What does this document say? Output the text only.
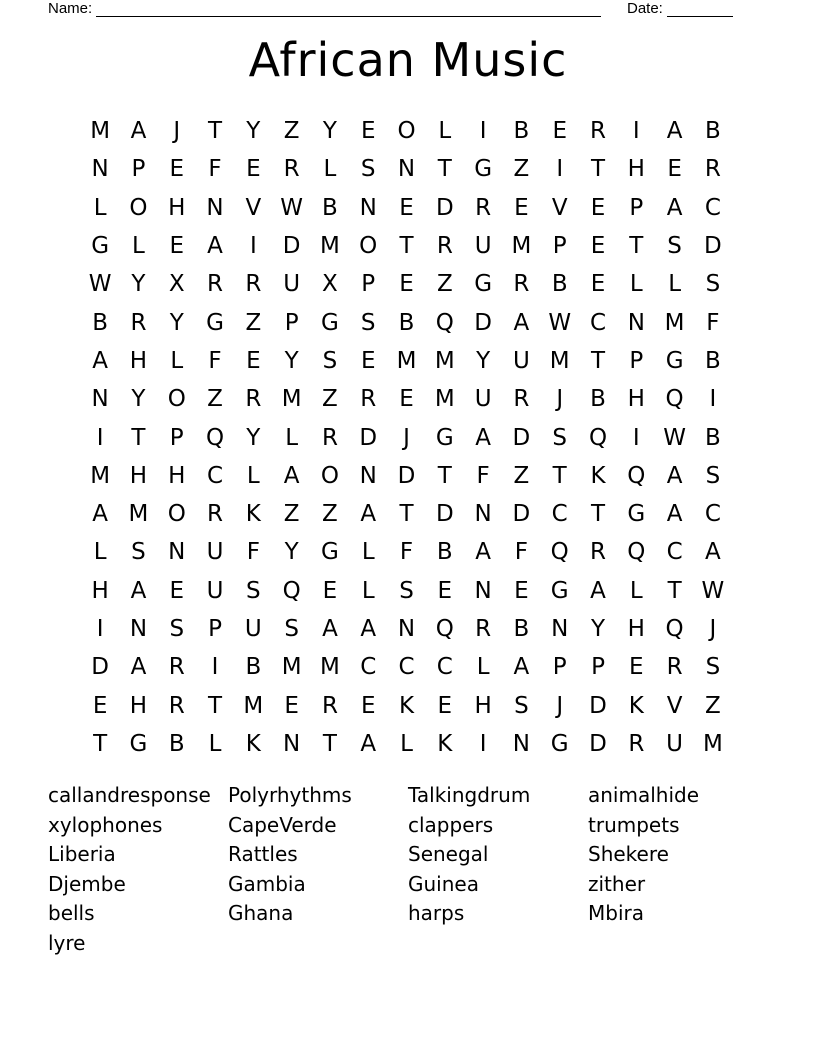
Name:	Date:
African Music
M A	J	T	Y	Z	Y	E O L	I	B	E	R	I	A B
N P	E	F	E	R	L	S N T G Z	I	T H E	R
L O H N V W B N E D R	E	V	E	P	A C
G L	E	A	I	D M O T	R U M P	E	T	S D
W Y	X R R U X	P	E	Z G R B	E	L	L	S
B R	Y G Z	P G S	B Q D A W C N M F
A H	L	F	E	Y	S	E M M Y U M T	P G B
N Y O Z R M Z R	E M U R	J	B H Q	I
I	T	P Q Y	L	R D	J	G A D S Q	I	W B
M H H C	L	A O N D T	F	Z	T	K Q A	S
A M O R K Z Z A	T D N D C	T G A C
L	S N U	F	Y G L	F	B A	F Q R Q C A
H A	E U S Q E	L	S	E N E G A	L	T W
I	N S	P U S	A A N Q R B N Y H Q	J
D A R	I	B M M C C C	L	A	P	P	E	R	S
E H R	T M E	R	E	K	E H S	J	D K V Z
T G B	L	K N T	A	L	K	I	N G D R U M
callandresponse Polyrhythms	Talkingdrum	animalhide
xylophones	CapeVerde	clappers	trumpets
Liberia	Rattles	Senegal	Shekere
Djembe	Gambia	Guinea	zither
bells	Ghana	harps	Mbira
lyre
